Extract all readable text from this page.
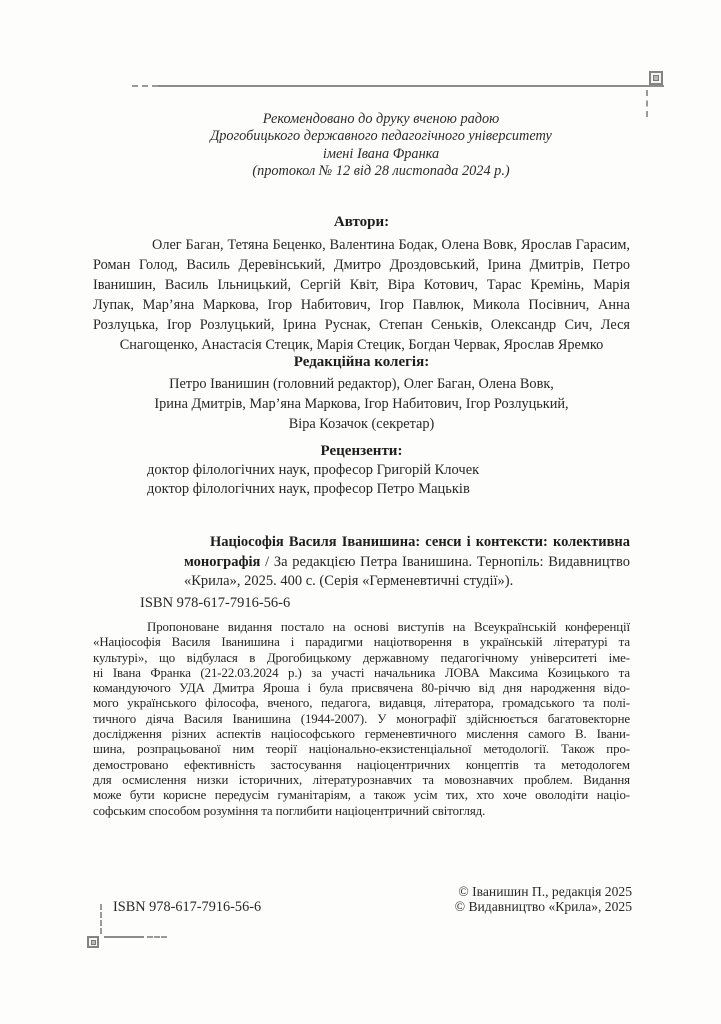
Рекомендовано до друку вченою радою
Дрогобицького державного педагогічного університету
імені Івана Франка
(протокол № 12 від 28 листопада 2024 р.)
Автори:
Олег Баган, Тетяна Беценко, Валентина Бодак, Олена Вовк, Ярослав Гарасим,
Роман Голод, Василь Деревінський, Дмитро Дроздовський, Ірина Дмитрів, Петро
Іванишин, Василь Ільницький, Сергій Квіт, Віра Котович, Тарас Кремінь, Марія
Лупак, Мар’яна Маркова, Ігор Набитович, Ігор Павлюк, Микола Посівнич, Анна
Розлуцька, Ігор Розлуцький, Ірина Руснак, Степан Сеньків, Олександр Сич, Леся
Снагощенко, Анастасія Стецик, Марія Стецик, Богдан Червак, Ярослав Яремко
Редакційна колегія:
Петро Іванишин (головний редактор), Олег Баган, Олена Вовк,
Ірина Дмитрів, Мар’яна Маркова, Ігор Набитович, Ігор Розлуцький,
Віра Козачок (секретар)
Рецензенти:
доктор філологічних наук, професор Григорій Клочек
доктор філологічних наук, професор Петро Мацьків
Націософія Василя Іванишина: сенси і контексти: колективна
монографія / За редакцією Петра Іванишина. Тернопіль: Видавництво
«Крила», 2025. 400 с. (Серія «Герменевтичні студії»).
ISBN 978-617-7916-56-6
Пропоноване видання постало на основі виступів на Всеукраїнській конференції
«Націософія Василя Іванишина і парадигми націотворення в українській літературі та
культурі», що відбулася в Дрогобицькому державному педагогічному університеті іме-
ні Івана Франка (21-22.03.2024 р.) за участі начальника ЛОВА Максима Козицького та
командуючого УДА Дмитра Яроша і була присвячена 80-річчю від дня народження відо-
мого українського філософа, вченого, педагога, видавця, літератора, громадського та полі-
тичного діяча Василя Іванишина (1944-2007). У монографії здійснюється багатовекторне
дослідження різних аспектів націософського герменевтичного мислення самого В. Івани-
шина, розпрацьованої ним теорії національно-екзистенціальної методології. Також про-
демостровано ефективність застосування націоцентричних концептів та методологем
для осмислення низки історичних, літературознавчих та мовознавчих проблем. Видання
може бути корисне передусім гуманітаріям, а також усім тих, хто хоче оволодіти націо-
софським способом розуміння та поглибити націоцентричний світогляд.
© Іванишин П., редакція 2025
© Видавництво «Крила», 2025
ISBN 978-617-7916-56-6
